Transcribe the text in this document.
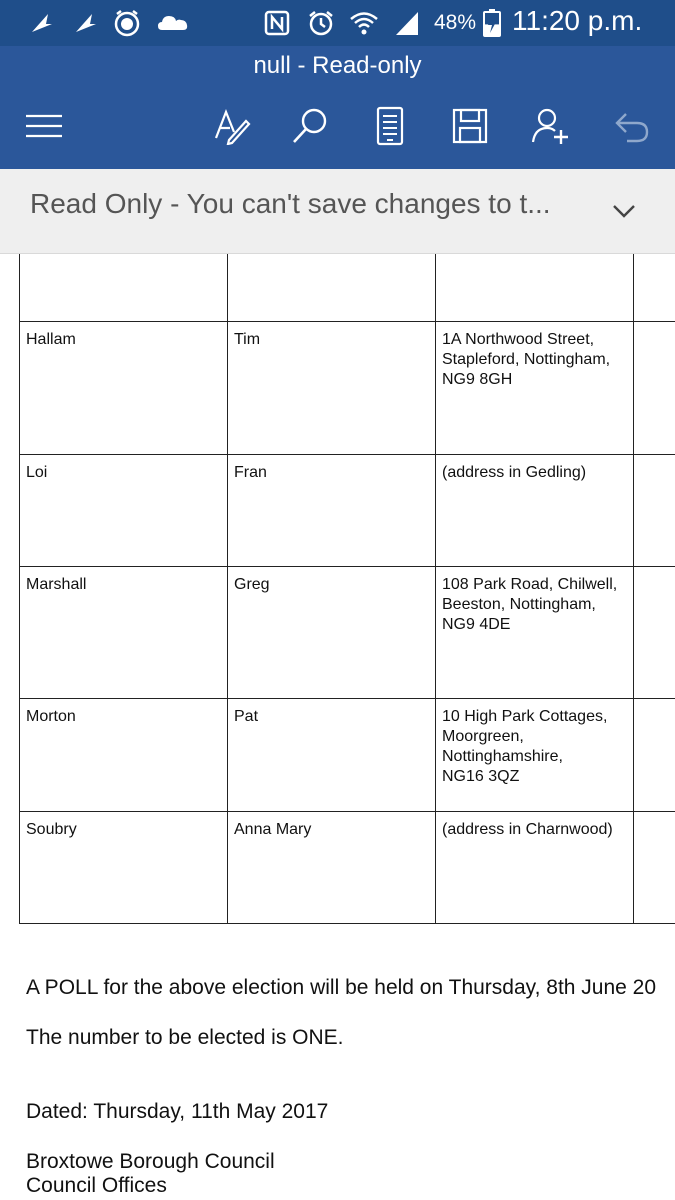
48% 11:20 p.m.
null - Read-only
Read Only - You can't save changes to t...

Hallam	Tim	1A Northwood Street,
Stapleford, Nottingham,
NG9 8GH	
Loi	Fran	(address in Gedling)	
Marshall	Greg	108 Park Road, Chilwell,
Beeston, Nottingham,
NG9 4DE	
Morton	Pat	10 High Park Cottages,
Moorgreen,
Nottinghamshire,
NG16 3QZ	
Soubry	Anna Mary	(address in Charnwood)	
A POLL for the above election will be held on Thursday, 8th June 20
The number to be elected is ONE.
Dated: Thursday, 11th May 2017
Broxtowe Borough Council
Council Offices
